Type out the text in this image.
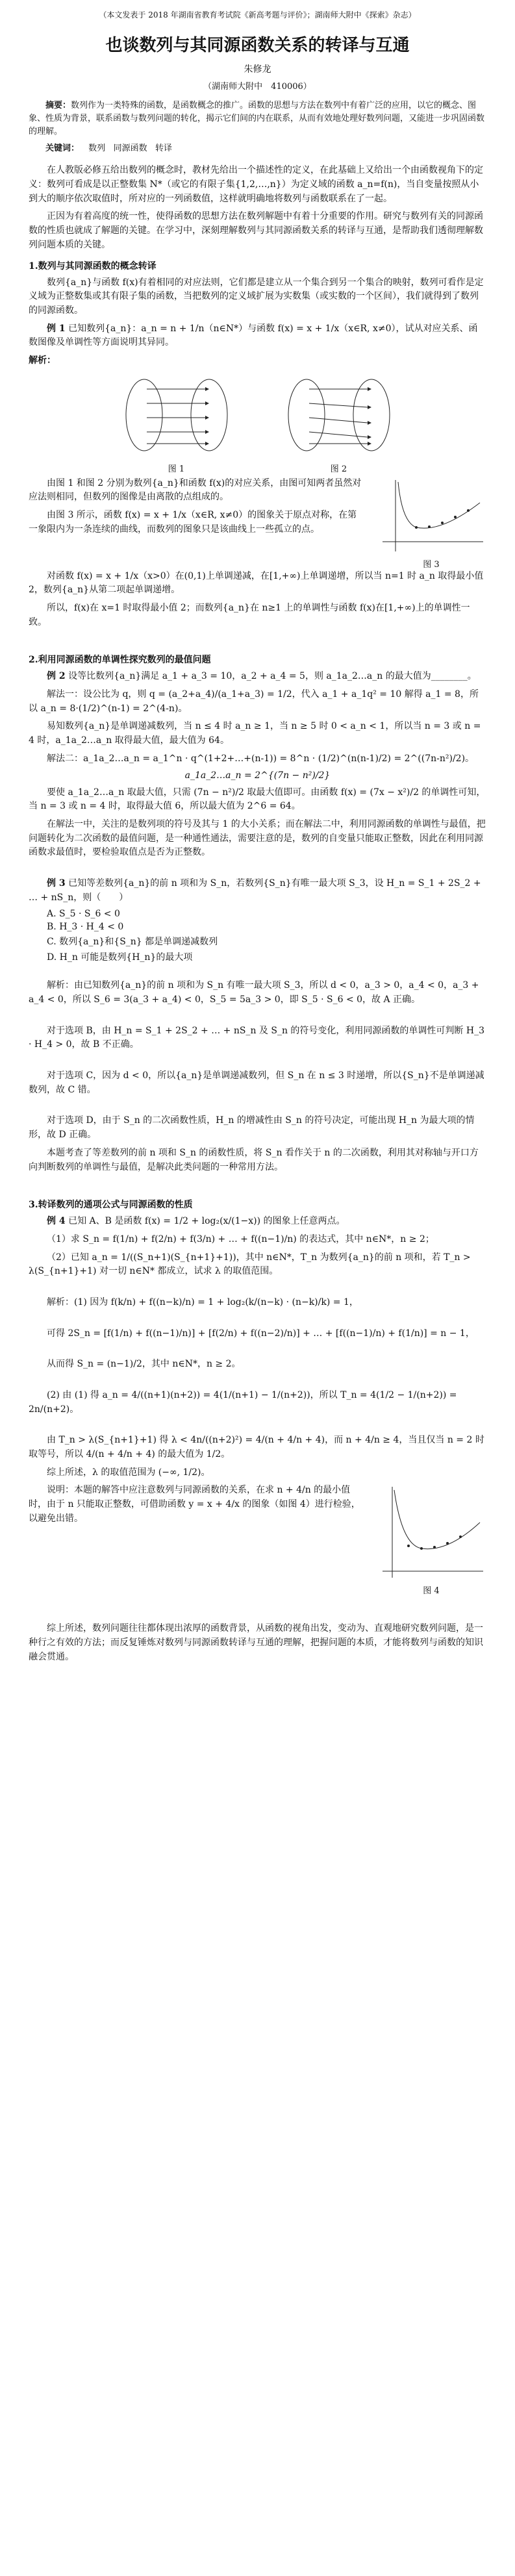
（本文发表于 2018 年湖南省教育考试院《新高考题与评价》；湖南师大附中《探索》杂志）
也谈数列与其同源函数关系的转译与互通
朱修龙
（湖南师大附中　410006）
摘要：数列作为一类特殊的函数，是函数概念的推广。函数的思想与方法在数列中有着广泛的应用，以它的概念、图象、性质为背景，联系函数与数列问题的转化，揭示它们间的内在联系，从而有效地处理好数列问题，又能进一步巩固函数的理解。
关键词： 数列 同源函数 转译

在人教版必修五给出数列的概念时，教材先给出一个描述性的定义，在此基础上又给出一个由函数视角下的定义：数列可看成是以正整数集 N*（或它的有限子集{1,2,…,n}）为定义域的函数 a_n=f(n)，当自变量按照从小到大的顺序依次取值时，所对应的一列函数值，这样就明确地将数列与函数联系在了一起。

正因为有着高度的统一性，使得函数的思想方法在数列解题中有着十分重要的作用。研究与数列有关的同源函数的性质也就成了解题的关键。在学习中，深刻理解数列与其同源函数关系的转译与互通，是帮助我们透彻理解数列问题本质的关键。

1.数列与其同源函数的概念转译

数列{a_n}与函数 f(x)有着相同的对应法则，它们都是建立从一个集合到另一个集合的映射，数列可看作是定义域为正整数集或其有限子集的函数，当把数列的定义域扩展为实数集（或实数的一个区间），我们就得到了数列的同源函数。

例 1 已知数列{a_n}：a_n = n + 1/n（n∈N*）与函数 f(x) = x + 1/x（x∈R, x≠0），试从对应关系、函数图像及单调性等方面说明其异同。

解析：

图 1	图 2

由图 1 和图 2 分别为数列{a_n}和函数 f(x)的对应关系，由图可知两者虽然对应法则相同，但数列的图像是由离散的点组成的。

由图 3 所示，函数 f(x) = x + 1/x（x∈R, x≠0）的图象关于原点对称，在第一象限内为一条连续的曲线，而数列的图象只是该曲线上一些孤立的点。

图 3

对函数 f(x) = x + 1/x（x>0）在(0,1)上单调递减，在[1,+∞)上单调递增，所以当 n=1 时 a_n 取得最小值 2，数列{a_n}从第二项起单调递增。

所以，f(x)在 x=1 时取得最小值 2；而数列{a_n}在 n≥1 上的单调性与函数 f(x)在[1,+∞)上的单调性一致。

2.利用同源函数的单调性探究数列的最值问题

例 2 设等比数列{a_n}满足 a_1 + a_3 = 10，a_2 + a_4 = 5，则 a_1a_2…a_n 的最大值为________。

解法一：设公比为 q，则 q = (a_2+a_4)/(a_1+a_3) = 1/2，代入 a_1 + a_1q² = 10 解得 a_1 = 8，所以 a_n = 8·(1/2)^(n-1) = 2^(4-n)。

易知数列{a_n}是单调递减数列，当 n ≤ 4 时 a_n ≥ 1，当 n ≥ 5 时 0 < a_n < 1，所以当 n = 3 或 n = 4 时，a_1a_2…a_n 取得最大值，最大值为 64。

解法二：a_1a_2…a_n = a_1^n · q^(1+2+…+(n-1)) = 8^n · (1/2)^(n(n-1)/2) = 2^((7n-n²)/2)。

a_1a_2…a_n = 2^{(7n − n²)/2}

要使 a_1a_2…a_n 取最大值，只需 (7n − n²)/2 取最大值即可。由函数 f(x) = (7x − x²)/2 的单调性可知，当 n = 3 或 n = 4 时，取得最大值 6，所以最大值为 2^6 = 64。

在解法一中，关注的是数列项的符号及其与 1 的大小关系；而在解法二中，利用同源函数的单调性与最值，把问题转化为二次函数的最值问题，是一种通性通法，需要注意的是，数列的自变量只能取正整数，因此在利用同源函数求最值时，要检验取值点是否为正整数。

例 3 已知等差数列{a_n}的前 n 项和为 S_n，若数列{S_n}有唯一最大项 S_3，设 H_n = S_1 + 2S_2 + … + nS_n，则（　　）

A. S_5 · S_6 < 0
B. H_3 · H_4 < 0
C. 数列{a_n}和{S_n} 都是单调递减数列
D. H_n 可能是数列{H_n}的最大项

解析：由已知数列{a_n}的前 n 项和为 S_n 有唯一最大项 S_3，所以 d < 0，a_3 > 0，a_4 < 0，a_3 + a_4 < 0，所以 S_6 = 3(a_3 + a_4) < 0，S_5 = 5a_3 > 0，即 S_5 · S_6 < 0，故 A 正确。

对于选项 B，由 H_n = S_1 + 2S_2 + … + nS_n 及 S_n 的符号变化，利用同源函数的单调性可判断 H_3 · H_4 > 0，故 B 不正确。

对于选项 C，因为 d < 0，所以{a_n}是单调递减数列，但 S_n 在 n ≤ 3 时递增，所以{S_n}不是单调递减数列，故 C 错。

对于选项 D，由于 S_n 的二次函数性质，H_n 的增减性由 S_n 的符号决定，可能出现 H_n 为最大项的情形，故 D 正确。

本题考查了等差数列的前 n 项和 S_n 的函数性质，将 S_n 看作关于 n 的二次函数，利用其对称轴与开口方向判断数列的单调性与最值，是解决此类问题的一种常用方法。

3.转译数列的通项公式与同源函数的性质

例 4 已知 A、B 是函数 f(x) = 1/2 + log₂(x/(1−x)) 的图象上任意两点。

（1）求 S_n = f(1/n) + f(2/n) + f(3/n) + … + f((n−1)/n) 的表达式，其中 n∈N*，n ≥ 2；

（2）已知 a_n = 1/((S_n+1)(S_{n+1}+1))，其中 n∈N*，T_n 为数列{a_n}的前 n 项和，若 T_n > λ(S_{n+1}+1) 对一切 n∈N* 都成立，试求 λ 的取值范围。

解析：(1) 因为 f(k/n) + f((n−k)/n) = 1 + log₂(k/(n−k) · (n−k)/k) = 1，

可得 2S_n = [f(1/n) + f((n−1)/n)] + [f(2/n) + f((n−2)/n)] + … + [f((n−1)/n) + f(1/n)] = n − 1，

从而得 S_n = (n−1)/2，其中 n∈N*，n ≥ 2。

(2) 由 (1) 得 a_n = 4/((n+1)(n+2)) = 4(1/(n+1) − 1/(n+2))，所以 T_n = 4(1/2 − 1/(n+2)) = 2n/(n+2)。

由 T_n > λ(S_{n+1}+1) 得 λ < 4n/((n+2)²) = 4/(n + 4/n + 4)，而 n + 4/n ≥ 4，当且仅当 n = 2 时取等号，所以 4/(n + 4/n + 4) 的最大值为 1/2。

综上所述，λ 的取值范围为 (−∞, 1/2)。

说明：本题的解答中应注意数列与同源函数的关系，在求 n + 4/n 的最小值时，由于 n 只能取正整数，可借助函数 y = x + 4/x 的图象（如图 4）进行检验，以避免出错。

图 4

综上所述，数列问题往往都体现出浓厚的函数背景，从函数的视角出发，变动为、直观地研究数列问题，是一种行之有效的方法；而反复锤炼对数列与同源函数转译与互通的理解，把握问题的本质，才能将数列与函数的知识融会贯通。
